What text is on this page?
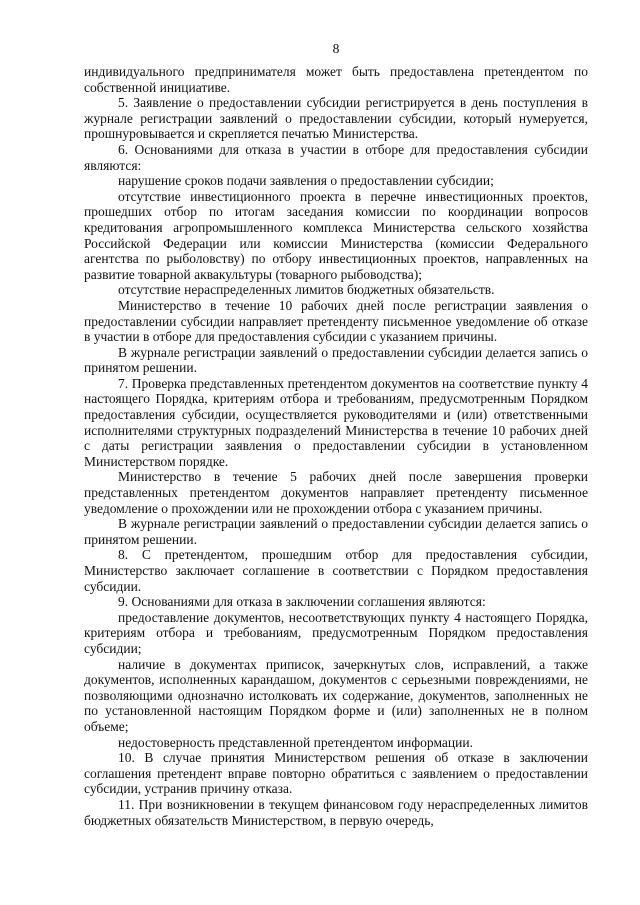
8

индивидуального предпринимателя может быть предоставлена претендентом по собственной инициативе.

5. Заявление о предоставлении субсидии регистрируется в день поступления в журнале регистрации заявлений о предоставлении субсидии, который нумеруется, прошнуровывается и скрепляется печатью Министерства.

6. Основаниями для отказа в участии в отборе для предоставления субсидии являются:

нарушение сроков подачи заявления о предоставлении субсидии;

отсутствие инвестиционного проекта в перечне инвестиционных проектов, прошедших отбор по итогам заседания комиссии по координации вопросов кредитования агропромышленного комплекса Министерства сельского хозяйства Российской Федерации или комиссии Министерства (комиссии Федерального агентства по рыболовству) по отбору инвестиционных проектов, направленных на развитие товарной аквакультуры (товарного рыбоводства);

отсутствие нераспределенных лимитов бюджетных обязательств.

Министерство в течение 10 рабочих дней после регистрации заявления о предоставлении субсидии направляет претенденту письменное уведомление об отказе в участии в отборе для предоставления субсидии с указанием причины.

В журнале регистрации заявлений о предоставлении субсидии делается запись о принятом решении.

7. Проверка представленных претендентом документов на соответствие пункту 4 настоящего Порядка, критериям отбора и требованиям, предусмотренным Порядком предоставления субсидии, осуществляется руководителями и (или) ответственными исполнителями структурных подразделений Министерства в течение 10 рабочих дней с даты регистрации заявления о предоставлении субсидии в установленном Министерством порядке.

Министерство в течение 5 рабочих дней после завершения проверки представленных претендентом документов направляет претенденту письменное уведомление о прохождении или не прохождении отбора с указанием причины.

В журнале регистрации заявлений о предоставлении субсидии делается запись о принятом решении.

8. С претендентом, прошедшим отбор для предоставления субсидии, Министерство заключает соглашение в соответствии с Порядком предоставления субсидии.

9. Основаниями для отказа в заключении соглашения являются:

предоставление документов, несоответствующих пункту 4 настоящего Порядка, критериям отбора и требованиям, предусмотренным Порядком предоставления субсидии;

наличие в документах приписок, зачеркнутых слов, исправлений, а также документов, исполненных карандашом, документов с серьезными повреждениями, не позволяющими однозначно истолковать их содержание, документов, заполненных не по установленной настоящим Порядком форме и (или) заполненных не в полном объеме;

недостоверность представленной претендентом информации.

10. В случае принятия Министерством решения об отказе в заключении соглашения претендент вправе повторно обратиться с заявлением о предоставлении субсидии, устранив причину отказа.

11. При возникновении в текущем финансовом году нераспределенных лимитов бюджетных обязательств Министерством, в первую очередь,
